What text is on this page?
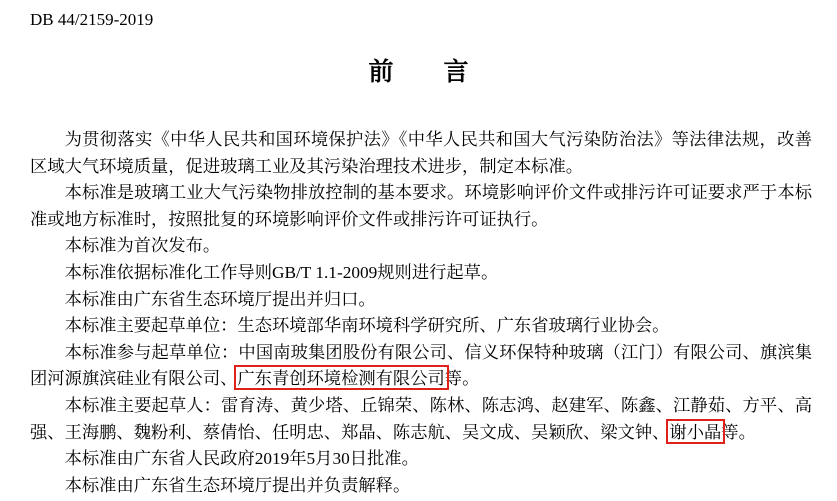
DB 44/2159-2019
前　　言

为贯彻落实《中华人民共和国环境保护法》《中华人民共和国大气污染防治法》等法律法规，改善区域大气环境质量，促进玻璃工业及其污染治理技术进步，制定本标准。

本标准是玻璃工业大气污染物排放控制的基本要求。环境影响评价文件或排污许可证要求严于本标准或地方标准时，按照批复的环境影响评价文件或排污许可证执行。

本标准为首次发布。

本标准依据标准化工作导则GB/T 1.1-2009规则进行起草。

本标准由广东省生态环境厅提出并归口。

本标准主要起草单位：生态环境部华南环境科学研究所、广东省玻璃行业协会。

本标准参与起草单位：中国南玻集团股份有限公司、信义环保特种玻璃（江门）有限公司、旗滨集团河源旗滨硅业有限公司、广东青创环境检测有限公司等。

本标准主要起草人：雷育涛、黄少塔、丘锦荣、陈林、陈志鸿、赵建军、陈鑫、江静茹、方平、高强、王海鹏、魏粉利、蔡倩怡、任明忠、郑晶、陈志航、吴文成、吴颖欣、梁文钟、谢小晶等。

本标准由广东省人民政府2019年5月30日批准。

本标准由广东省生态环境厅提出并负责解释。
